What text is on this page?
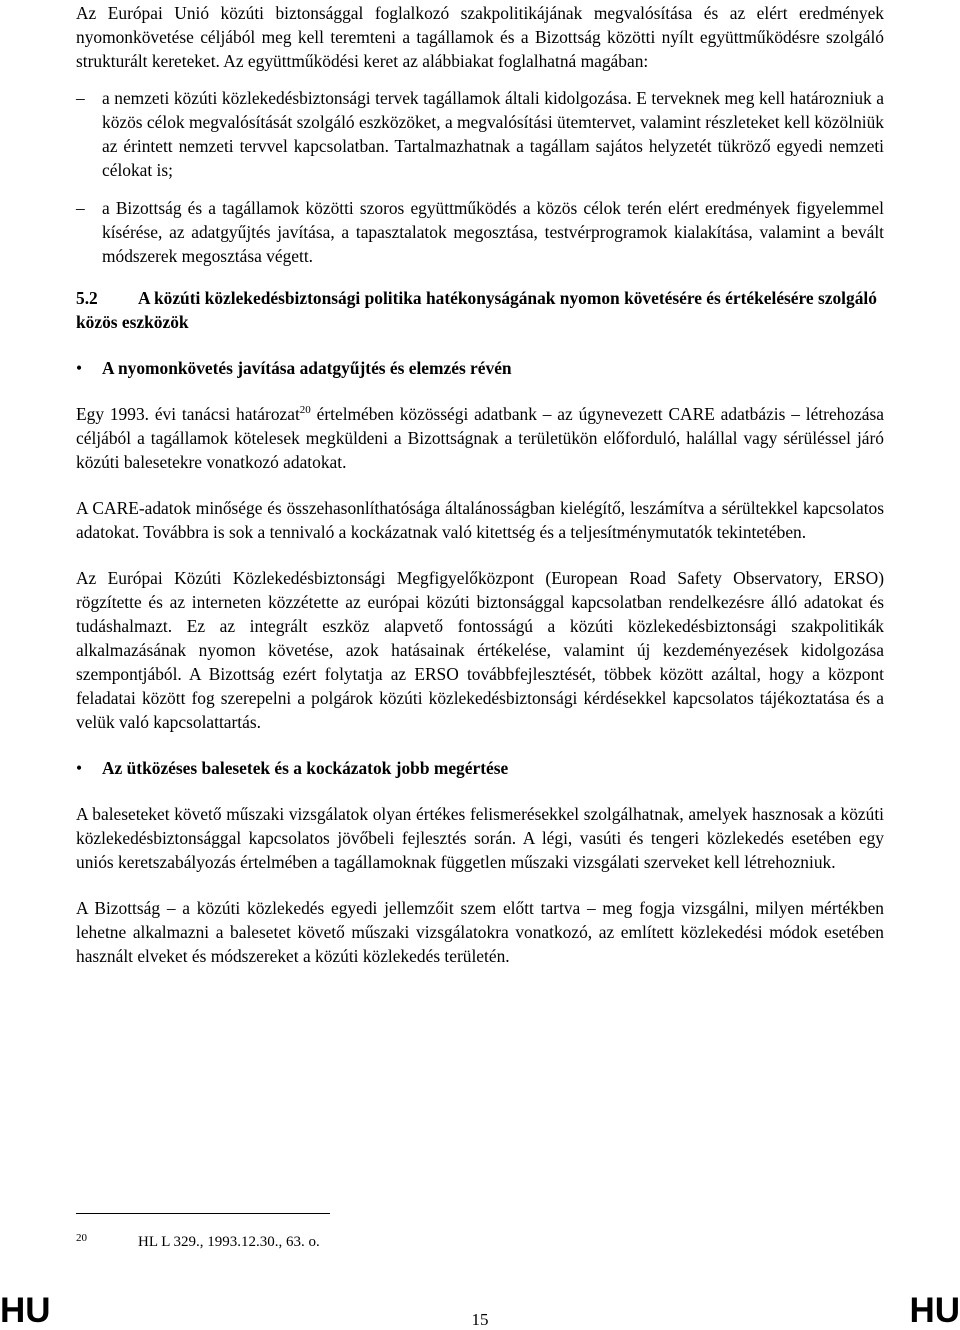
Az Európai Unió közúti biztonsággal foglalkozó szakpolitikájának megvalósítása és az elért eredmények nyomonkövetése céljából meg kell teremteni a tagállamok és a Bizottság közötti nyílt együttműködésre szolgáló strukturált kereteket. Az együttműködési keret az alábbiakat foglalhatná magában:

– a nemzeti közúti közlekedésbiztonsági tervek tagállamok általi kidolgozása. E terveknek meg kell határozniuk a közös célok megvalósítását szolgáló eszközöket, a megvalósítási ütemtervet, valamint részleteket kell közölniük az érintett nemzeti tervvel kapcsolatban. Tartalmazhatnak a tagállam sajátos helyzetét tükröző egyedi nemzeti célokat is;
– a Bizottság és a tagállamok közötti szoros együttműködés a közös célok terén elért eredmények figyelemmel kísérése, az adatgyűjtés javítása, a tapasztalatok megosztása, testvérprogramok kialakítása, valamint a bevált módszerek megosztása végett.
5.2 A közúti közlekedésbiztonsági politika hatékonyságának nyomon követésére és értékelésére szolgáló közös eszközök
• A nyomonkövetés javítása adatgyűjtés és elemzés révén

Egy 1993. évi tanácsi határozat$^{20}$ értelmében közösségi adatbank – az úgynevezett CARE adatbázis – létrehozása céljából a tagállamok kötelesek megküldeni a Bizottságnak a területükön előforduló, halállal vagy sérüléssel járó közúti balesetekre vonatkozó adatokat.

A CARE-adatok minősége és összehasonlíthatósága általánosságban kielégítő, leszámítva a sérültekkel kapcsolatos adatokat. Továbbra is sok a tennivaló a kockázatnak való kitettség és a teljesítménymutatók tekintetében.

Az Európai Közúti Közlekedésbiztonsági Megfigyelőközpont (European Road Safety Observatory, ERSO) rögzítette és az interneten közzétette az európai közúti biztonsággal kapcsolatban rendelkezésre álló adatokat és tudáshalmazt. Ez az integrált eszköz alapvető fontosságú a közúti közlekedésbiztonsági szakpolitikák alkalmazásának nyomon követése, azok hatásainak értékelése, valamint új kezdeményezések kidolgozása szempontjából. A Bizottság ezért folytatja az ERSO továbbfejlesztését, többek között azáltal, hogy a központ feladatai között fog szerepelni a polgárok közúti közlekedésbiztonsági kérdésekkel kapcsolatos tájékoztatása és a velük való kapcsolattartás.

• Az ütközéses balesetek és a kockázatok jobb megértése

A baleseteket követő műszaki vizsgálatok olyan értékes felismerésekkel szolgálhatnak, amelyek hasznosak a közúti közlekedésbiztonsággal kapcsolatos jövőbeli fejlesztés során. A légi, vasúti és tengeri közlekedés esetében egy uniós keretszabályozás értelmében a tagállamoknak független műszaki vizsgálati szerveket kell létrehozniuk.

A Bizottság – a közúti közlekedés egyedi jellemzőit szem előtt tartva – meg fogja vizsgálni, milyen mértékben lehetne alkalmazni a balesetet követő műszaki vizsgálatokra vonatkozó, az említett közlekedési módok esetében használt elveket és módszereket a közúti közlekedés területén.

20	HL L 329., 1993.12.30., 63. o.
HU	15	HU
